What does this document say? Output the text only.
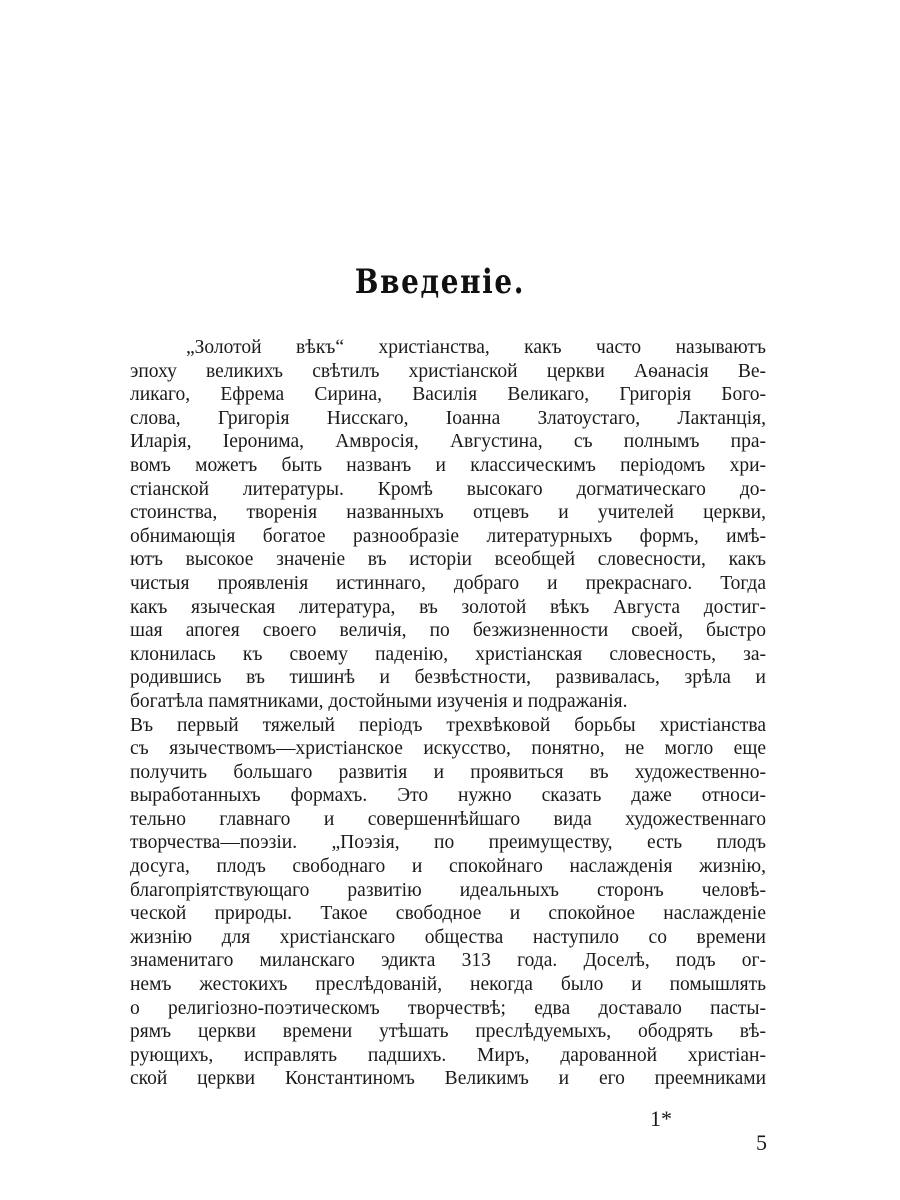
Введеніе.
„Золотой вѣкъ“ христіанства, какъ часто называютъ
эпоху великихъ свѣтилъ христіанской церкви Аѳанасія Ве-
ликаго, Ефрема Сирина, Василія Великаго, Григорія Бого-
слова, Григорія Нисскаго, Іоанна Златоустаго, Лактанція,
Иларія, Іеронима, Амвросія, Августина, съ полнымъ пра-
вомъ можетъ быть названъ и классическимъ періодомъ хри-
стіанской литературы. Кромѣ высокаго догматическаго до-
стоинства, творенія названныхъ отцевъ и учителей церкви,
обнимающія богатое разнообразіе литературныхъ формъ, имѣ-
ютъ высокое значеніе въ исторіи всеобщей словесности, какъ
чистыя проявленія истиннаго, добраго и прекраснаго. Тогда
какъ языческая литература, въ золотой вѣкъ Августа достиг-
шая апогея своего величія, по безжизненности своей, быстро
клонилась къ своему паденію, христіанская словесность, за-
родившись въ тишинѣ и безвѣстности, развивалась, зрѣла и
богатѣла памятниками, достойными изученія и подражанія.
Въ первый тяжелый періодъ трехвѣковой борьбы христіанства
съ язычествомъ—христіанское искусство, понятно, не могло еще
получить большаго развитія и проявиться въ художественно-
выработанныхъ формахъ. Это нужно сказать даже относи-
тельно главнаго и совершеннѣйшаго вида художественнаго
творчества—поэзіи. „Поэзія, по преимуществу, есть плодъ
досуга, плодъ свободнаго и спокойнаго наслажденія жизнію,
благопріятствующаго развитію идеальныхъ сторонъ человѣ-
ческой природы. Такое свободное и спокойное наслажденіе
жизнію для христіанскаго общества наступило со времени
знаменитаго миланскаго эдикта 313 года. Доселѣ, подъ ог-
немъ жестокихъ преслѣдованій, некогда было и помышлять
о религіозно-поэтическомъ творчествѣ; едва доставало пасты-
рямъ церкви времени утѣшать преслѣдуемыхъ, ободрять вѣ-
рующихъ, исправлять падшихъ. Миръ, дарованной христіан-
ской церкви Константиномъ Великимъ и его преемниками
1*
5
